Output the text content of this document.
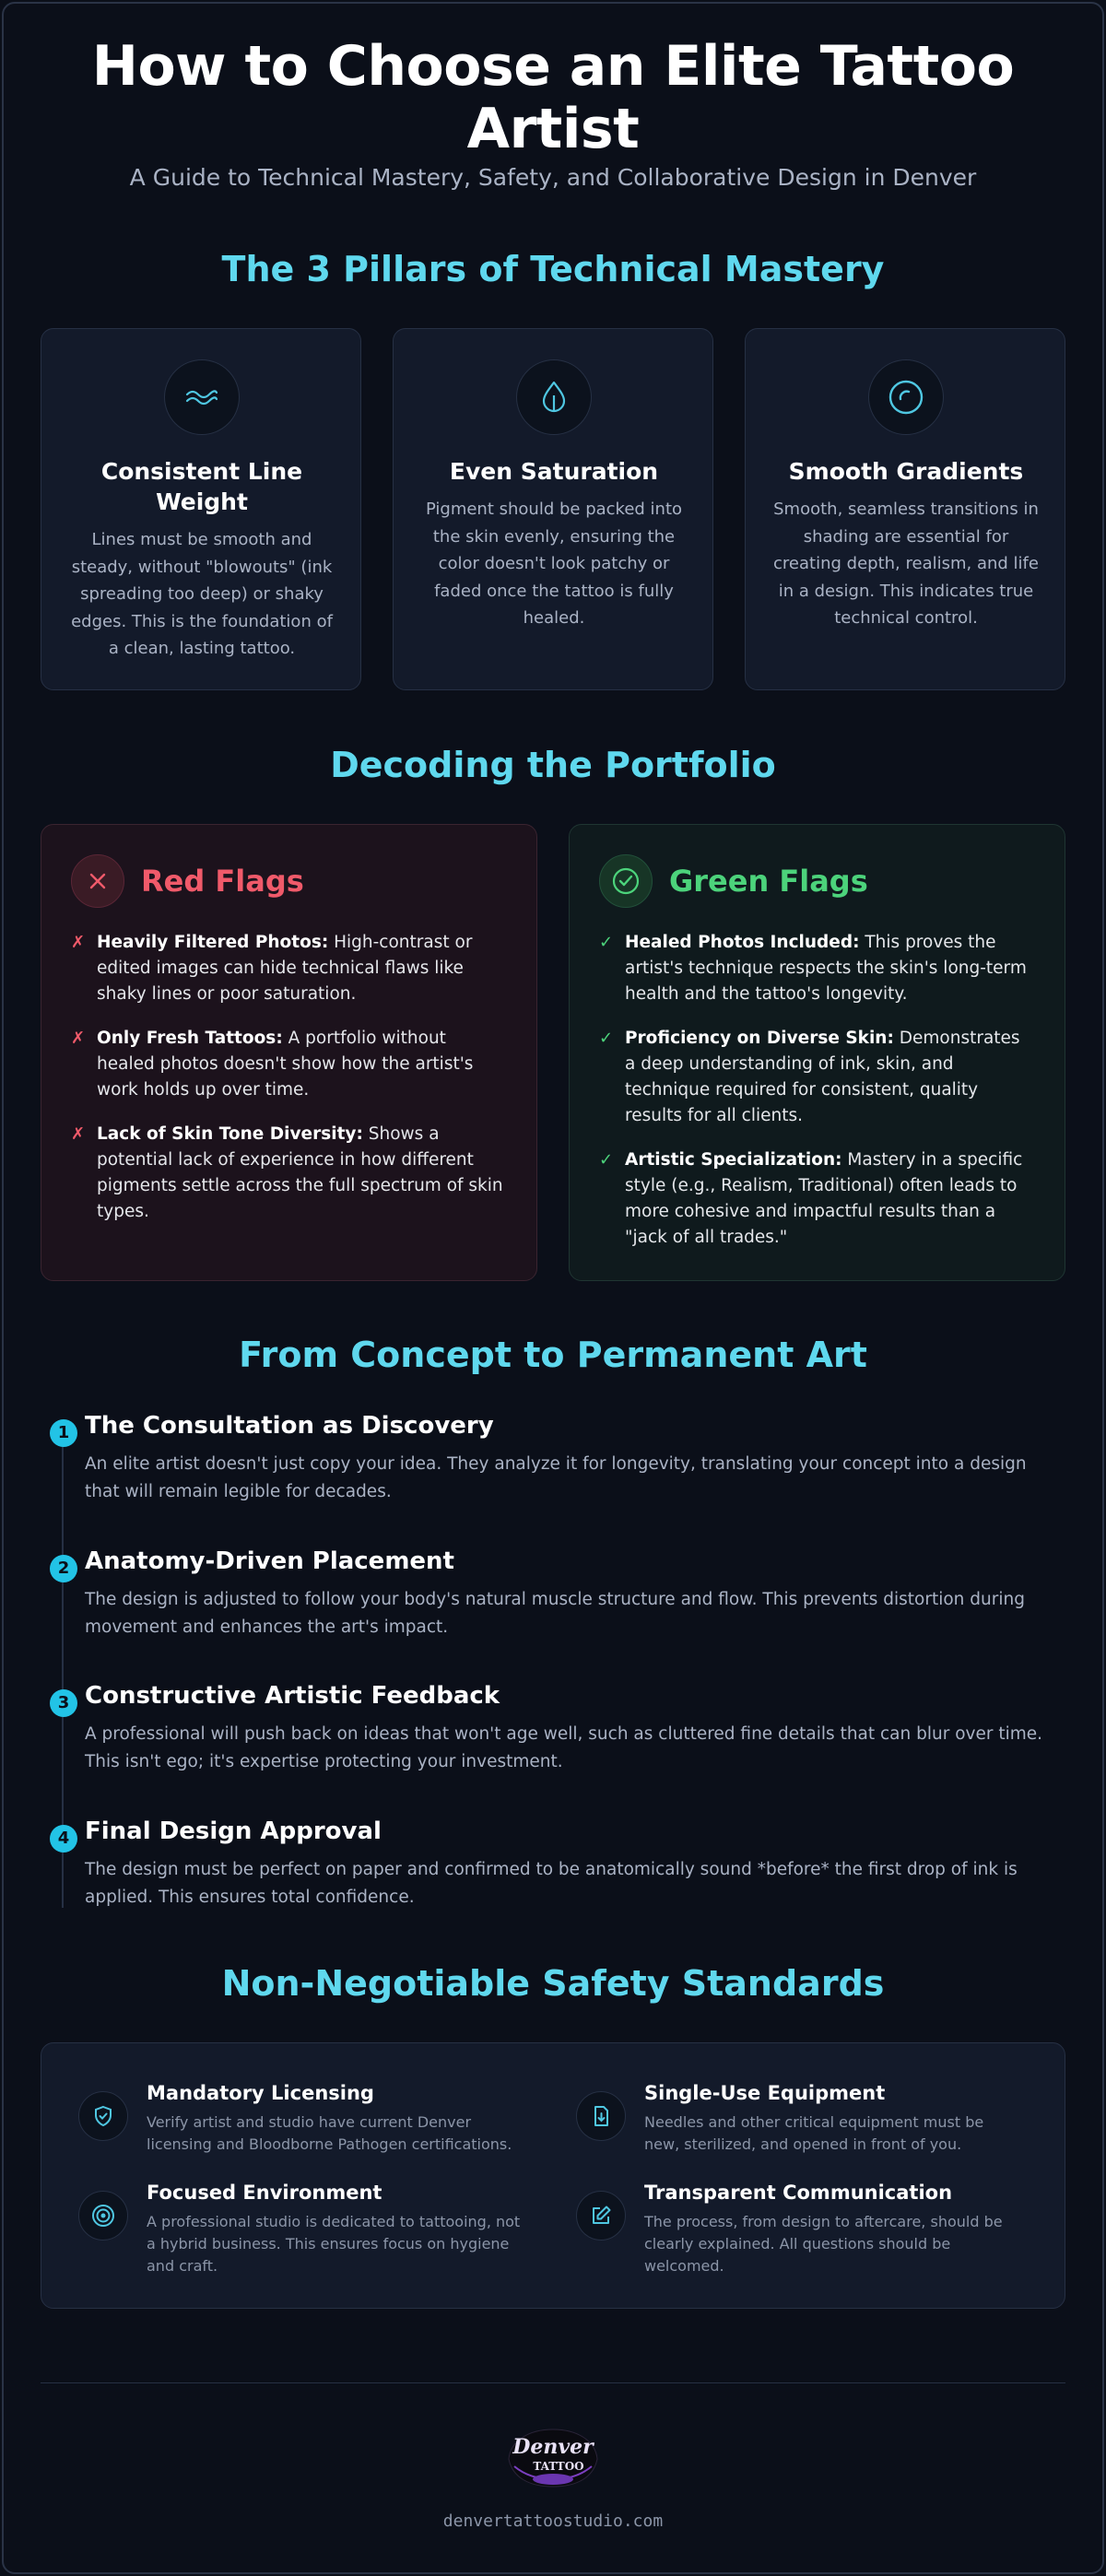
How to Choose an Elite Tattoo Artist
A Guide to Technical Mastery, Safety, and Collaborative Design in Denver
The 3 Pillars of Technical Mastery
Consistent Line Weight

Lines must be smooth and steady, without "blowouts" (ink spreading too deep) or shaky edges. This is the foundation of a clean, lasting tattoo.

Even Saturation

Pigment should be packed into the skin evenly, ensuring the color doesn't look patchy or faded once the tattoo is fully healed.

Smooth Gradients

Smooth, seamless transitions in shading are essential for creating depth, realism, and life in a design. This indicates true technical control.

Decoding the Portfolio
Red Flags
✗ Heavily Filtered Photos: High-contrast or edited images can hide technical flaws like shaky lines or poor saturation.
✗ Only Fresh Tattoos: A portfolio without healed photos doesn't show how the artist's work holds up over time.
✗ Lack of Skin Tone Diversity: Shows a potential lack of experience in how different pigments settle across the full spectrum of skin types.
Green Flags
✓ Healed Photos Included: This proves the artist's technique respects the skin's long-term health and the tattoo's longevity.
✓ Proficiency on Diverse Skin: Demonstrates a deep understanding of ink, skin, and technique required for consistent, quality results for all clients.
✓ Artistic Specialization: Mastery in a specific style (e.g., Realism, Traditional) often leads to more cohesive and impactful results than a "jack of all trades."
From Concept to Permanent Art
1 The Consultation as Discovery

An elite artist doesn't just copy your idea. They analyze it for longevity, translating your concept into a design that will remain legible for decades.

2 Anatomy-Driven Placement

The design is adjusted to follow your body's natural muscle structure and flow. This prevents distortion during movement and enhances the art's impact.

3 Constructive Artistic Feedback

A professional will push back on ideas that won't age well, such as cluttered fine details that can blur over time. This isn't ego; it's expertise protecting your investment.

4 Final Design Approval

The design must be perfect on paper and confirmed to be anatomically sound *before* the first drop of ink is applied. This ensures total confidence.

Non-Negotiable Safety Standards
Mandatory Licensing

Verify artist and studio have current Denver licensing and Bloodborne Pathogen certifications.

Single-Use Equipment

Needles and other critical equipment must be new, sterilized, and opened in front of you.

Focused Environment

A professional studio is dedicated to tattooing, not a hybrid business. This ensures focus on hygiene and craft.

Transparent Communication

The process, from design to aftercare, should be clearly explained. All questions should be welcomed.

Denver
TATTOO
denvertattoostudio.com
